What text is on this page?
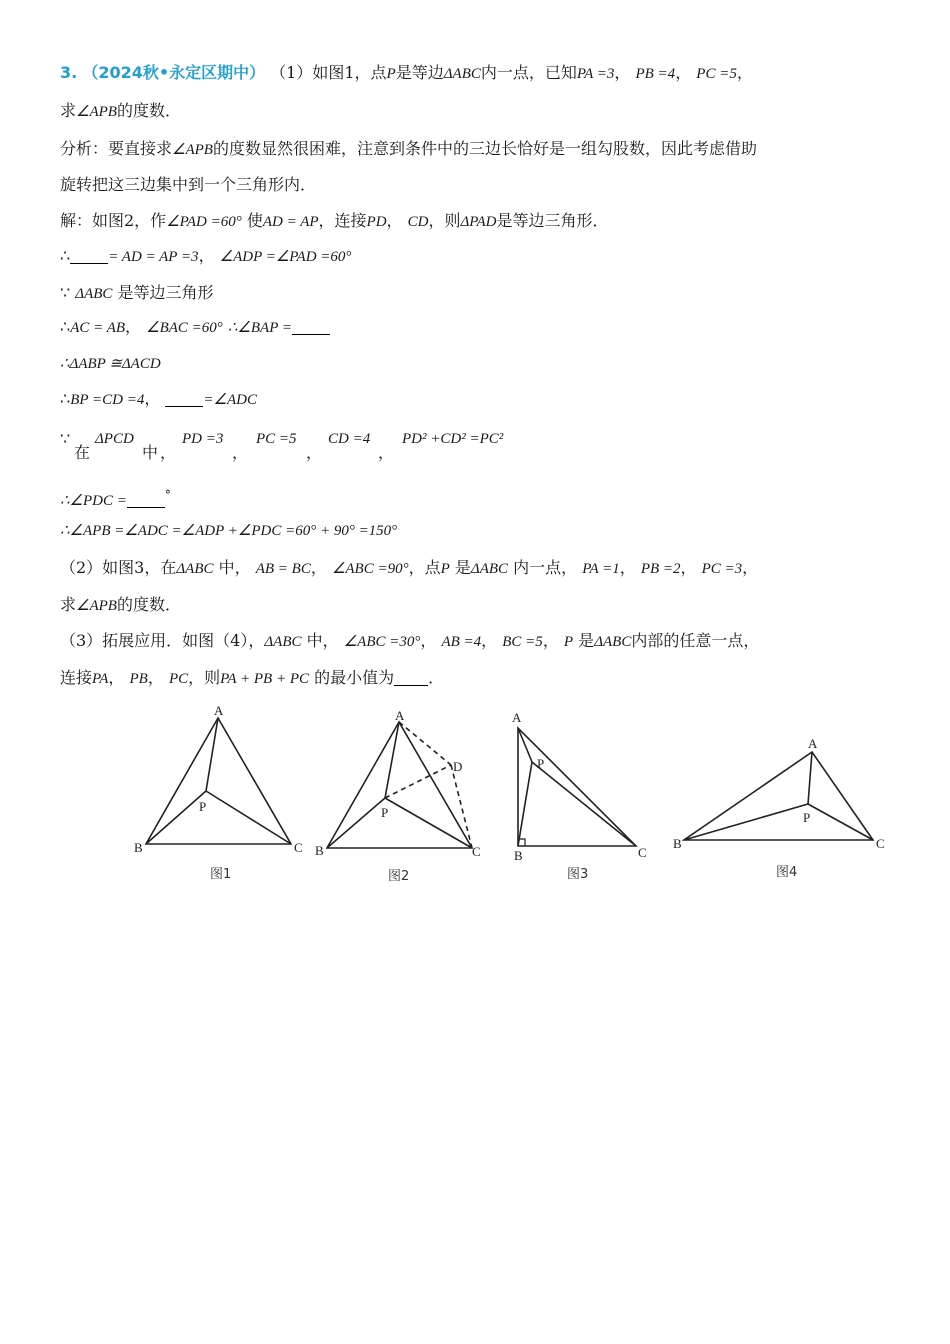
3. （2024秋•永定区期中） （1）如图1，点P是等边ΔABC内一点，已知PA =3， PB =4， PC =5，
求∠APB的度数．
分析：要直接求∠APB的度数显然很困难，注意到条件中的三边长恰好是一组勾股数，因此考虑借助
旋转把这三边集中到一个三角形内．
解：如图2，作∠PAD =60° 使AD = AP，连接PD， CD，则ΔPAD是等边三角形．
∴	= AD = AP =3， ∠ADP =∠PAD =60°
∵ ΔABC 是等边三角形
∴AC = AB， ∠BAC =60° ∴∠BAP =
∴ΔABP ≅ΔACD
∴BP =CD =4，	=∠ADC
∵
在
ΔPCD
中 ，
PD =3
，
PC =5
，
CD =4
，
PD² +CD² =PC²
∴∠PDC =	°
∴∠APB =∠ADC =∠ADP +∠PDC =60° + 90° =150°
（2）如图3，在ΔABC 中， AB = BC， ∠ABC =90°，点P 是ΔABC 内一点， PA =1， PB =2， PC =3，
求∠APB的度数．
（3）拓展应用．如图（4），ΔABC 中， ∠ABC =30°， AB =4， BC =5， P 是ΔABC内部的任意一点，
连接PA， PB， PC，则PA + PB + PC 的最小值为 ．
A
B	C
P
图1
A
B	C
P
D
图2
A
B	C
P
图3
A
B	C
P
图4
